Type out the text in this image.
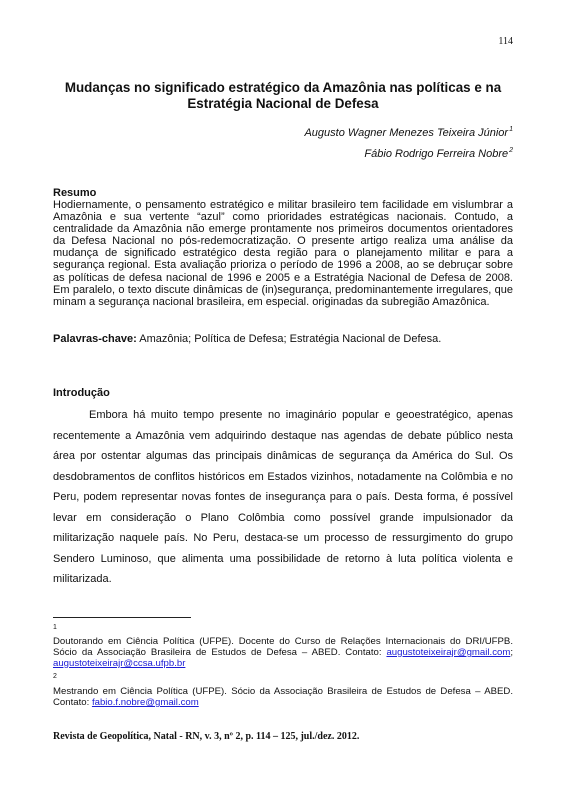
114
Mudanças no significado estratégico da Amazônia nas políticas e na Estratégia Nacional de Defesa
Augusto Wagner Menezes Teixeira Júnior$^1$
Fábio Rodrigo Ferreira Nobre$^2$
Resumo
Hodiernamente, o pensamento estratégico e militar brasileiro tem facilidade em vislumbrar a Amazônia e sua vertente “azul” como prioridades estratégicas nacionais. Contudo, a centralidade da Amazônia não emerge prontamente nos primeiros documentos orientadores da Defesa Nacional no pós-redemocratização. O presente artigo realiza uma análise da mudança de significado estratégico desta região para o planejamento militar e para a segurança regional. Esta avaliação prioriza o período de 1996 a 2008, ao se debruçar sobre as políticas de defesa nacional de 1996 e 2005 e a Estratégia Nacional de Defesa de 2008. Em paralelo, o texto discute dinâmicas de (in)segurança, predominantemente irregulares, que minam a segurança nacional brasileira, em especial. originadas da subregião Amazônica.
Palavras-chave: Amazônia; Política de Defesa; Estratégia Nacional de Defesa.
Introdução
Embora há muito tempo presente no imaginário popular e geoestratégico, apenas recentemente a Amazônia vem adquirindo destaque nas agendas de debate público nesta área por ostentar algumas das principais dinâmicas de segurança da América do Sul. Os desdobramentos de conflitos históricos em Estados vizinhos, notadamente na Colômbia e no Peru, podem representar novas fontes de insegurança para o país. Desta forma, é possível levar em consideração o Plano Colômbia como possível grande impulsionador da militarização naquele país. No Peru, destaca-se um processo de ressurgimento do grupo Sendero Luminoso, que alimenta uma possibilidade de retorno à luta política violenta e militarizada.
1
Doutorando em Ciência Política (UFPE). Docente do Curso de Relações Internacionais do DRI/UFPB. Sócio da Associação Brasileira de Estudos de Defesa – ABED. Contato: augustoteixeirajr@gmail.com; augustoteixeirajr@ccsa.ufpb.br
2
Mestrando em Ciência Política (UFPE). Sócio da Associação Brasileira de Estudos de Defesa – ABED. Contato: fabio.f.nobre@gmail.com
Revista de Geopolítica, Natal - RN, v. 3, nº 2, p. 114 – 125, jul./dez. 2012.
